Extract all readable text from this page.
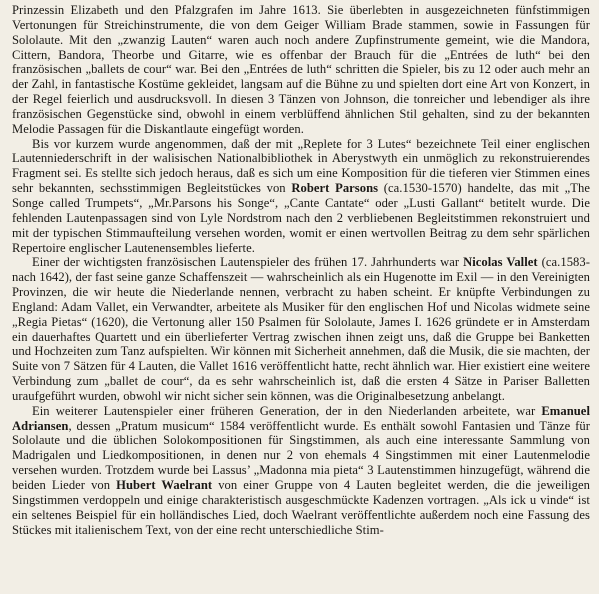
Prinzessin Elizabeth und den Pfalzgrafen im Jahre 1613. Sie überlebten in ausgezeichneten fünfstimmigen Vertonungen für Streichinstrumente, die von dem Geiger William Brade stammen, sowie in Fassungen für Sololaute. Mit den „zwanzig Lauten“ waren auch noch andere Zupfinstrumente gemeint, wie die Mandora, Cittern, Bandora, Theorbe und Gitarre, wie es offenbar der Brauch für die „Entrées de luth“ bei den französischen „ballets de cour“ war. Bei den „Entrées de luth“ schritten die Spieler, bis zu 12 oder auch mehr an der Zahl, in fantastische Kostüme gekleidet, langsam auf die Bühne zu und spielten dort eine Art von Konzert, in der Regel feierlich und ausdrucksvoll. In diesen 3 Tänzen von Johnson, die tonreicher und lebendiger als ihre französischen Gegenstücke sind, obwohl in einem verblüffend ähnlichen Stil gehalten, sind zu der bekannten Melodie Passagen für die Diskantlaute eingefügt worden.

Bis vor kurzem wurde angenommen, daß der mit „Replete for 3 Lutes“ bezeichnete Teil einer englischen Lautenniederschrift in der walisischen Nationalbibliothek in Aberystwyth ein unmöglich zu rekonstruierendes Fragment sei. Es stellte sich jedoch heraus, daß es sich um eine Komposition für die tieferen vier Stimmen eines sehr bekannten, sechsstimmigen Begleitstückes von Robert Parsons (ca.1530-1570) handelte, das mit „The Songe called Trumpets“, „Mr.Parsons his Songe“, „Cante Cantate“ oder „Lusti Gallant“ betitelt wurde. Die fehlenden Lautenpassagen sind von Lyle Nordstrom nach den 2 verbliebenen Begleitstimmen rekonstruiert und mit der typischen Stimmaufteilung versehen worden, womit er einen wertvollen Beitrag zu dem sehr spärlichen Repertoire englischer Lautenensembles lieferte.

Einer der wichtigsten französischen Lautenspieler des frühen 17. Jahrhunderts war Nicolas Vallet (ca.1583-nach 1642), der fast seine ganze Schaffenszeit — wahrscheinlich als ein Hugenotte im Exil — in den Vereinigten Provinzen, die wir heute die Niederlande nennen, verbracht zu haben scheint. Er knüpfte Verbindungen zu England: Adam Vallet, ein Verwandter, arbeitete als Musiker für den englischen Hof und Nicolas widmete seine „Regia Pietas“ (1620), die Vertonung aller 150 Psalmen für Sololaute, James I. 1626 gründete er in Amsterdam ein dauerhaftes Quartett und ein überlieferter Vertrag zwischen ihnen zeigt uns, daß die Gruppe bei Banketten und Hochzeiten zum Tanz aufspielten. Wir können mit Sicherheit annehmen, daß die Musik, die sie machten, der Suite von 7 Sätzen für 4 Lauten, die Vallet 1616 veröffentlicht hatte, recht ähnlich war. Hier existiert eine weitere Verbindung zum „ballet de cour“, da es sehr wahrscheinlich ist, daß die ersten 4 Sätze in Pariser Balletten uraufgeführt wurden, obwohl wir nicht sicher sein können, was die Originalbesetzung anbelangt.

Ein weiterer Lautenspieler einer früheren Generation, der in den Niederlanden arbeitete, war Emanuel Adriansen, dessen „Pratum musicum“ 1584 veröffentlicht wurde. Es enthält sowohl Fantasien und Tänze für Sololaute und die üblichen Solokompositionen für Singstimmen, als auch eine interessante Sammlung von Madrigalen und Liedkompositionen, in denen nur 2 von ehemals 4 Singstimmen mit einer Lautenmelodie versehen wurden. Trotzdem wurde bei Lassus’ „Madonna mia pieta“ 3 Lautenstimmen hinzugefügt, während die beiden Lieder von Hubert Waelrant von einer Gruppe von 4 Lauten begleitet werden, die die jeweiligen Singstimmen verdoppeln und einige charakteristisch ausgeschmückte Kadenzen vortragen. „Als ick u vinde“ ist ein seltenes Beispiel für ein holländisches Lied, doch Waelrant veröffentlichte außerdem noch eine Fassung des Stückes mit italienischem Text, von der eine recht unterschiedliche Stim-
